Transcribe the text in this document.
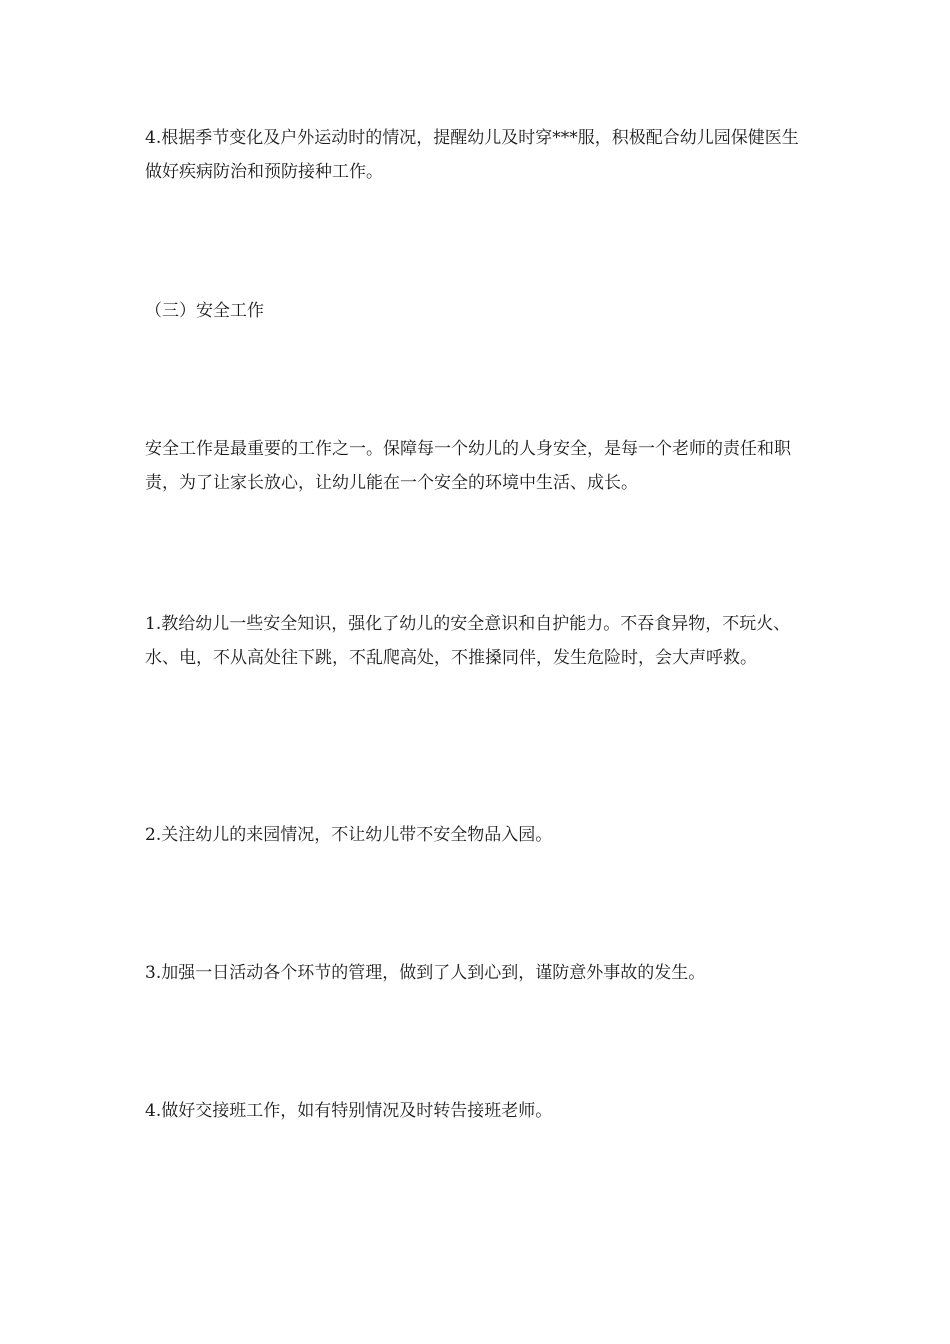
4.根据季节变化及户外运动时的情况，提醒幼儿及时穿***服，积极配合幼儿园保健医生做好疾病防治和预防接种工作。

（三）安全工作

安全工作是最重要的工作之一。保障每一个幼儿的人身安全，是每一个老师的责任和职责，为了让家长放心，让幼儿能在一个安全的环境中生活、成长。

1.教给幼儿一些安全知识，强化了幼儿的安全意识和自护能力。不吞食异物，不玩火、水、电，不从高处往下跳，不乱爬高处，不推搡同伴，发生危险时，会大声呼救。

2.关注幼儿的来园情况，不让幼儿带不安全物品入园。

3.加强一日活动各个环节的管理，做到了人到心到，谨防意外事故的发生。

4.做好交接班工作，如有特别情况及时转告接班老师。
